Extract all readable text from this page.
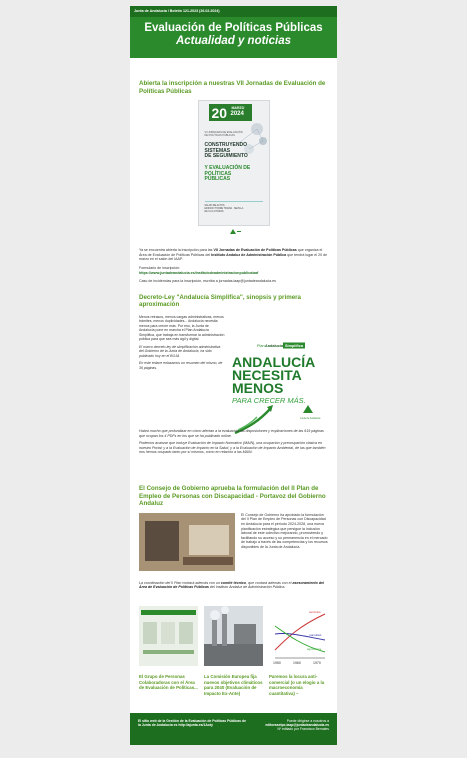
Junta de Andalucía / Boletín 121-2023 (26.02.2024)
Evaluación de Políticas Públicas
Actualidad y noticias
Abierta la inscripción a nuestras VII Jornadas de Evaluación de Políticas Públicas
20 MARZO
2024
VII JORNADAS DE EVALUACIÓN DE POLÍTICAS PÚBLICAS
CONSTRUYENDO
SISTEMAS
DE SEGUIMIENTO
Y EVALUACIÓN DE
POLÍTICAS
PÚBLICAS
SALON DE ACTOS
EDIFICIO TORRE TRIANA · SEVILLA
DE 9 A 14 HORAS

Ya se encuentra abierta la inscripción para las VII Jornadas de Evaluación de Políticas Públicas que organiza el Área de Evaluación de Políticas Públicas del Instituto Andaluz de Administración Pública que tendrá lugar el 20 de marzo en el salón del IAAP.

Formulario de inscripción:

https://www.juntadeandalucia.es/institutodeadministracionpublica/aaf

Caso de incidencias para la inscripción, escriba a jornadas.iaap@juntadeandalucia.es

Decreto-Ley "Andalucía Simplifica", sinopsis y primera aproximación

Menos retrasos, menos cargas administrativas, menos trámites, menos duplicidades... Andalucía necesita menos para crecer más. Por eso, la Junta de Andalucía pone en marcha el Plan Andalucía Simplifica, que trabaja en transformar la administración pública para que sea más ágil y digital.

El marco decreto-ley de simplificación administrativa del Gobierno de la Junta de Andalucía, ha sido publicado hoy en el BOJA

En este enlace enlazamos un resumen del mismo, de 36 páginas.

Plan Andalucía Simplifica
ANDALUCÍA
NECESITA
MENOS
PARA CRECER MÁS.
Junta de Andalucía

Habrá mucho que profundizar en cómo afectan a la evaluación las disposiciones y explicaciones de las 619 páginas que ocupan los 4 PDFs en los que se ha publicado online.

Podemos avanzar que incluye Evaluación de Impacto Normativo (MAIN), una ocupación y preocupación clásica en nuestro Portal; y a la Evaluación de Impacto en la Salud, y a la Evaluación de Impacto Ambiental, de las que también nos hemos ocupado tanto por sí mismos, como en relación a las MAIN.

El Consejo de Gobierno aprueba la formulación del II Plan de Empleo de Personas con Discapacidad - Portavoz del Gobierno Andaluz

El Consejo de Gobierno ha aprobado la formulación del II Plan de Empleo de Personas con Discapacidad en Andalucía para el período 2024-2028, una nueva planificación estratégica que persigue la inclusión laboral de este colectivo mejorando, promoviendo y facilitando su acceso y su permanencia en el mercado de trabajo a través de las competencias y los recursos disponibles de la Junta de Andalucía.

La coordinación del II Plan contará además con un comité técnico, que contará además con el asesoramiento del Área de Evaluación de Políticas Públicas del Instituto Andaluz de Administración Pública.

El Grupo de Personas Colaboradoras con el Área de Evaluación de Políticas...
La Comisión Europea fija nuevos objetivos climáticos para 2040 (Evaluación de Impacto Ex-Ante)
servicios
manufact.
agricultura
1950	1960	1970
Paremos la locura anti-comercial (o un elogio a la macroeconomía cuantitativa) –
El sitio web de la Gestión de la Evaluación de Políticas Públicas de la Junta de Andalucía es http://ajunta.es/1Aoty
Puede dirigirse a nosotros a
editorasetpc.iaap@juntadeandalucia.es
Nº editado por Francisco Bernales
